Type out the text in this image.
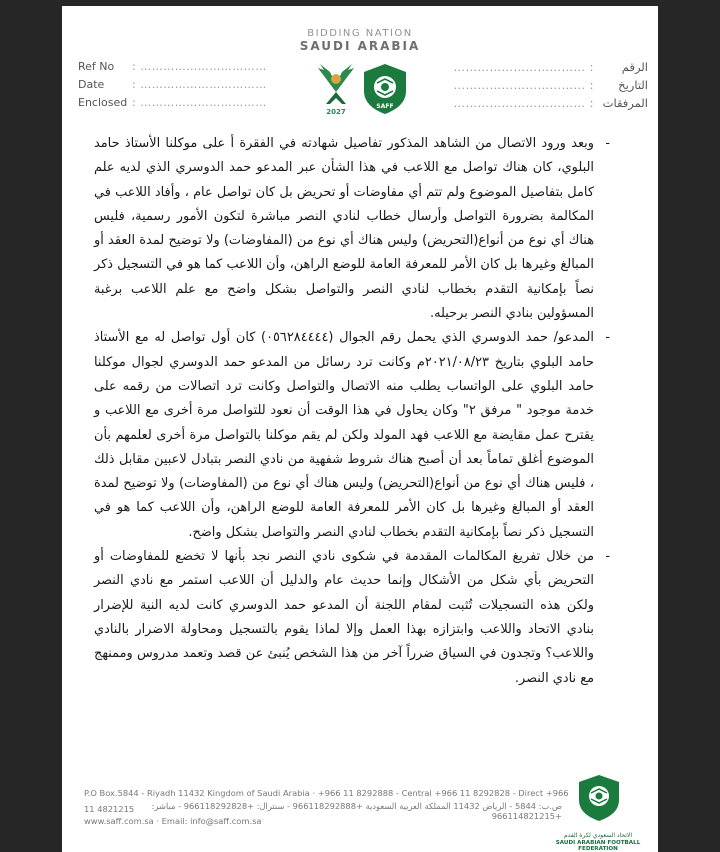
BIDDING NATION
SAUDI ARABIA
2027
SAFF
Ref No : ……………………………
Date	: ……………………………
Enclosed : ……………………………
الرقم: ……………………………
التاريخ: ……………………………
المرفقات: ……………………………
-
وبعد ورود الاتصال من الشاهد المذكور تفاصيل شهادته في الفقرة أ على موكلنا الأستاذ حامد البلوي، كان هناك تواصل مع اللاعب في هذا الشأن عبر المدعو حمد الدوسري الذي لديه علم كامل بتفاصيل الموضوع ولم تتم أي مفاوضات أو تحريض بل كان تواصل عام ، وأفاد اللاعب في المكالمة بضرورة التواصل وأرسال خطاب لنادي النصر مباشرة لتكون الأمور رسمية، فليس هناك أي نوع من أنواع(التحريض) وليس هناك أي نوع من (المفاوضات) ولا توضيح لمدة العقد أو المبالغ وغيرها بل كان الأمر للمعرفة العامة للوضع الراهن، وأن اللاعب كما هو في التسجيل ذكر نصاً بإمكانية التقدم بخطاب لنادي النصر والتواصل بشكل واضح مع علم اللاعب برغبة المسؤولين بنادي النصر برحيله.
-
المدعو/ حمد الدوسري الذي يحمل رقم الجوال (٠٥٦٢٨٤٤٤٤) كان أول تواصل له مع الأستاذ حامد البلوي بتاريخ ٢٠٢١/٠٨/٢٣م وكانت ترد رسائل من المدعو حمد الدوسري لجوال موكلنا حامد البلوي على الواتساب يطلب منه الاتصال والتواصل وكانت ترد اتصالات من رقمه على خدمة موجود " مرفق ٢" وكان يحاول في هذا الوقت أن نعود للتواصل مرة أخرى مع اللاعب و يقترح عمل مقايضة مع اللاعب فهد المولد ولكن لم يقم موكلنا بالتواصل مرة أخرى لعلمهم بأن الموضوع أغلق تماماً بعد أن أصبح هناك شروط شفهية من نادي النصر بتبادل لاعبين مقابل ذلك ، فليس هناك أي نوع من أنواع(التحريض) وليس هناك أي نوع من (المفاوضات) ولا توضيح لمدة العقد أو المبالغ وغيرها بل كان الأمر للمعرفة العامة للوضع الراهن، وأن اللاعب كما هو في التسجيل ذكر نصاً بإمكانية التقدم بخطاب لنادي النصر والتواصل بشكل واضح.
-
من خلال تفريغ المكالمات المقدمة في شكوى نادي النصر نجد بأنها لا تخضع للمفاوضات أو التحريض بأي شكل من الأشكال وإنما حديث عام والدليل أن اللاعب استمر مع نادي النصر ولكن هذه التسجيلات تُثبت لمقام اللجنة أن المدعو حمد الدوسري كانت لديه النية للإضرار بنادي الاتحاد واللاعب وابتزازه بهذا العمل وإلا لماذا يقوم بالتسجيل ومحاولة الاضرار بالنادي واللاعب؟ وتجدون في السياق ضرراً آخر من هذا الشخص يُنبئ عن قصد وتعمد مدروس وممنهج مع نادي النصر.
P.O Box.5844 - Riyadh 11432 Kingdom of Saudi Arabia · +966 11 8292888 - Central +966 11 8292828 - Direct +966 11 4821215	ص.ب: 5844 - الرياض 11432 المملكة العربية السعودية +966118292888 - سنترال: +966118292828 - مباشر: +966114821215
www.saff.com.sa · Email: info@saff.com.sa
الاتحاد السعودي لكرة القدم
SAUDI ARABIAN FOOTBALL FEDERATION
